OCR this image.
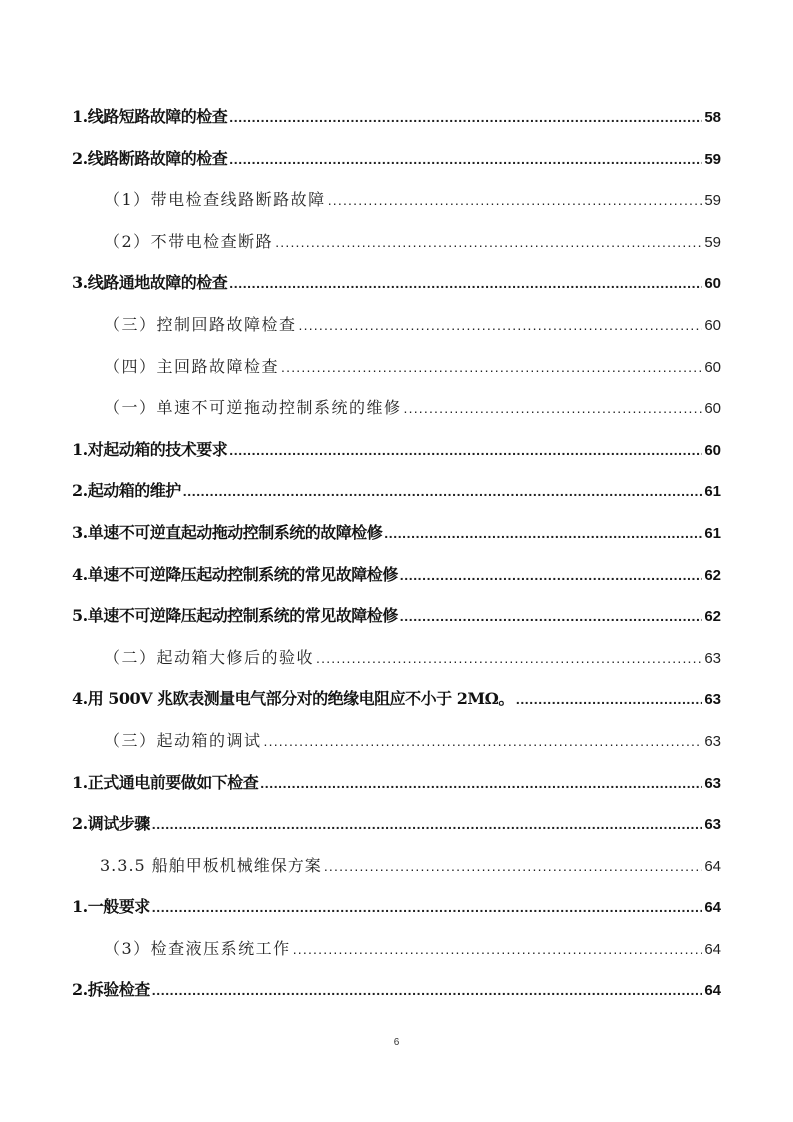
1.线路短路故障的检查 .....	58
2.线路断路故障的检查 .....	59
（1）带电检查线路断路故障 .....	59
（2）不带电检查断路 .....	59
3.线路通地故障的检查 .....	60
（三）控制回路故障检查 .....	60
（四）主回路故障检查 .....	60
（一）单速不可逆拖动控制系统的维修 .....	60
1.对起动箱的技术要求 .....	60
2.起动箱的维护 .....	61
3.单速不可逆直起动拖动控制系统的故障检修 .....	61
4.单速不可逆降压起动控制系统的常见故障检修 .....	62
5.单速不可逆降压起动控制系统的常见故障检修 .....	62
（二）起动箱大修后的验收 .....	63
4.用 500V 兆欧表测量电气部分对的绝缘电阻应不小于 2MΩ。 .....	63
（三）起动箱的调试 .....	63
1.正式通电前要做如下检查 .....	63
2.调试步骤 .....	63
3.3.5 船舶甲板机械维保方案 .....	64
1.一般要求 .....	64
（3）检查液压系统工作 .....	64
2.拆验检查 .....	64
6
